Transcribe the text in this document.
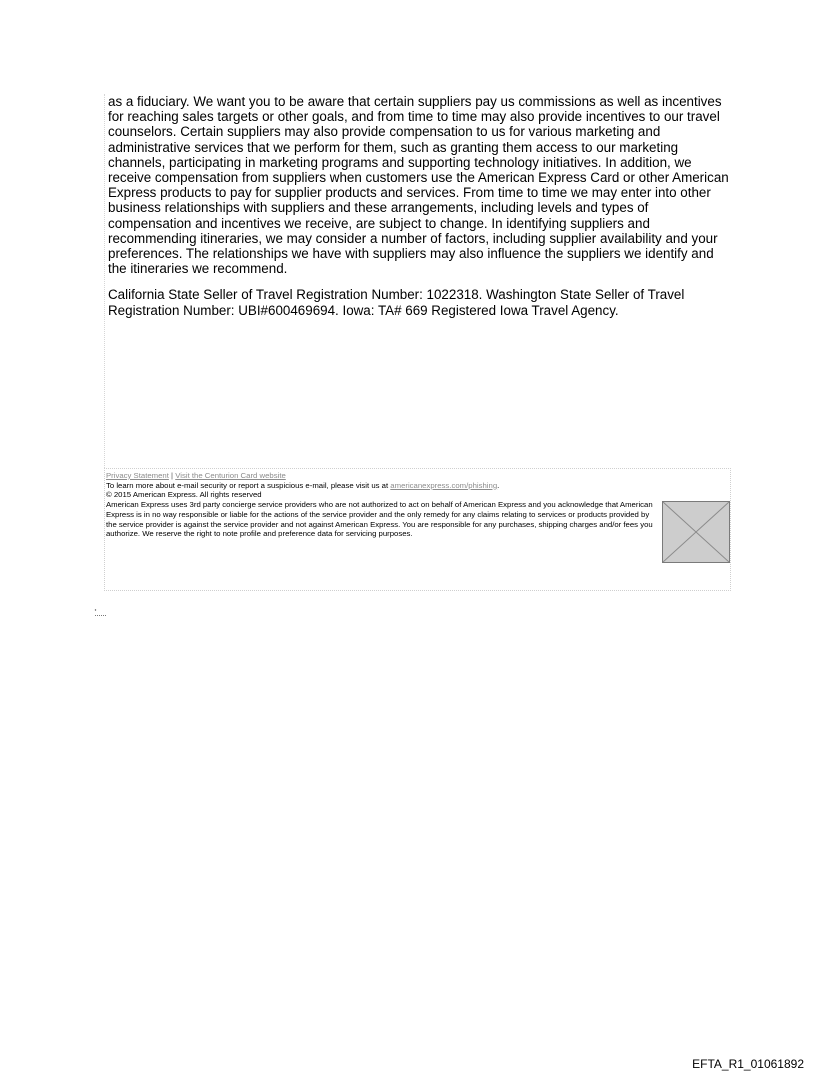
as a fiduciary. We want you to be aware that certain suppliers pay us commissions as well as incentives for reaching sales targets or other goals, and from time to time may also provide incentives to our travel counselors. Certain suppliers may also provide compensation to us for various marketing and administrative services that we perform for them, such as granting them access to our marketing channels, participating in marketing programs and supporting technology initiatives. In addition, we receive compensation from suppliers when customers use the American Express Card or other American Express products to pay for supplier products and services. From time to time we may enter into other business relationships with suppliers and these arrangements, including levels and types of compensation and incentives we receive, are subject to change. In identifying suppliers and recommending itineraries, we may consider a number of factors, including supplier availability and your preferences. The relationships we have with suppliers may also influence the suppliers we identify and the itineraries we recommend.

California State Seller of Travel Registration Number: 1022318. Washington State Seller of Travel Registration Number: UBI#600469694. Iowa: TA# 669 Registered Iowa Travel Agency.

Privacy Statement | Visit the Centurion Card website
To learn more about e-mail security or report a suspicious e-mail, please visit us at americanexpress.com/phishing.
© 2015 American Express. All rights reserved
American Express uses 3rd party concierge service providers who are not authorized to act on behalf of American Express and you acknowledge that American Express is in no way responsible or liable for the actions of the service provider and the only remedy for any claims relating to services or products provided by the service provider is against the service provider and not against American Express. You are responsible for any purchases, shipping charges and/or fees you authorize. We reserve the right to note profile and preference data for servicing purposes.
EFTA_R1_01061892
